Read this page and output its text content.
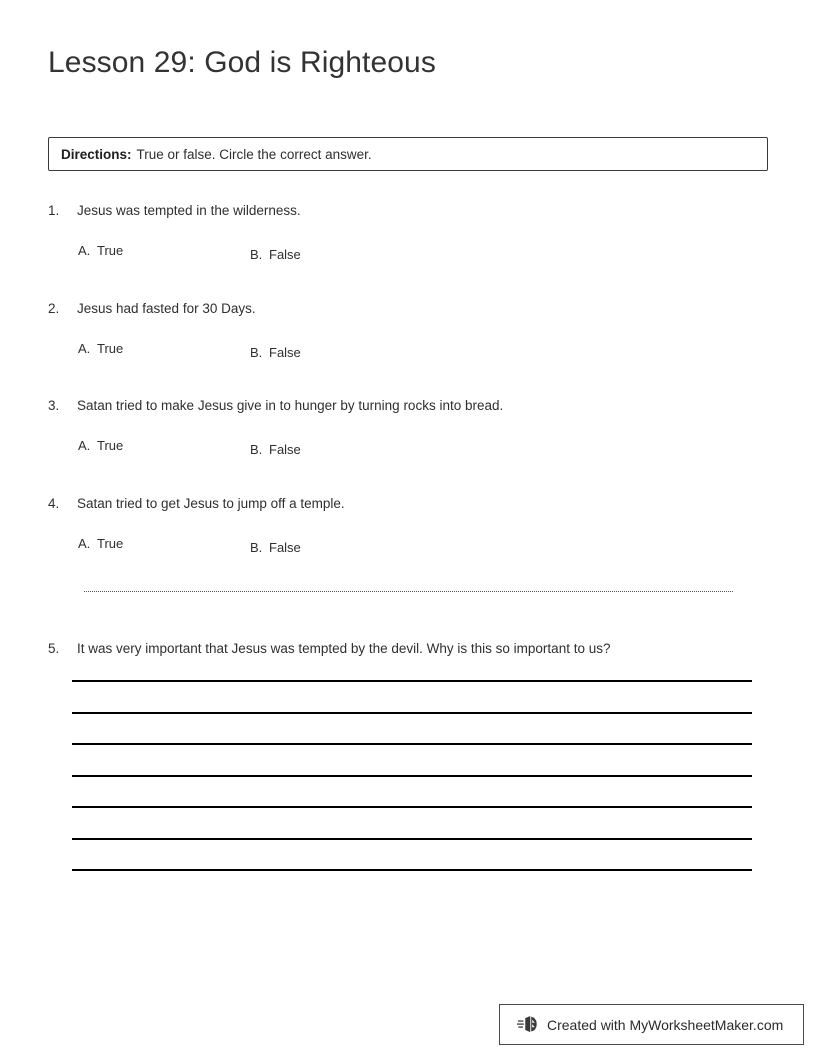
Lesson 29: God is Righteous
Directions: True or false. Circle the correct answer.
1. Jesus was tempted in the wilderness.
A. True	B. False
2. Jesus had fasted for 30 Days.
A. True	B. False
3. Satan tried to make Jesus give in to hunger by turning rocks into bread.
A. True	B. False
4. Satan tried to get Jesus to jump off a temple.
A. True	B. False
5. It was very important that Jesus was tempted by the devil. Why is this so important to us?
Created with MyWorksheetMaker.com
